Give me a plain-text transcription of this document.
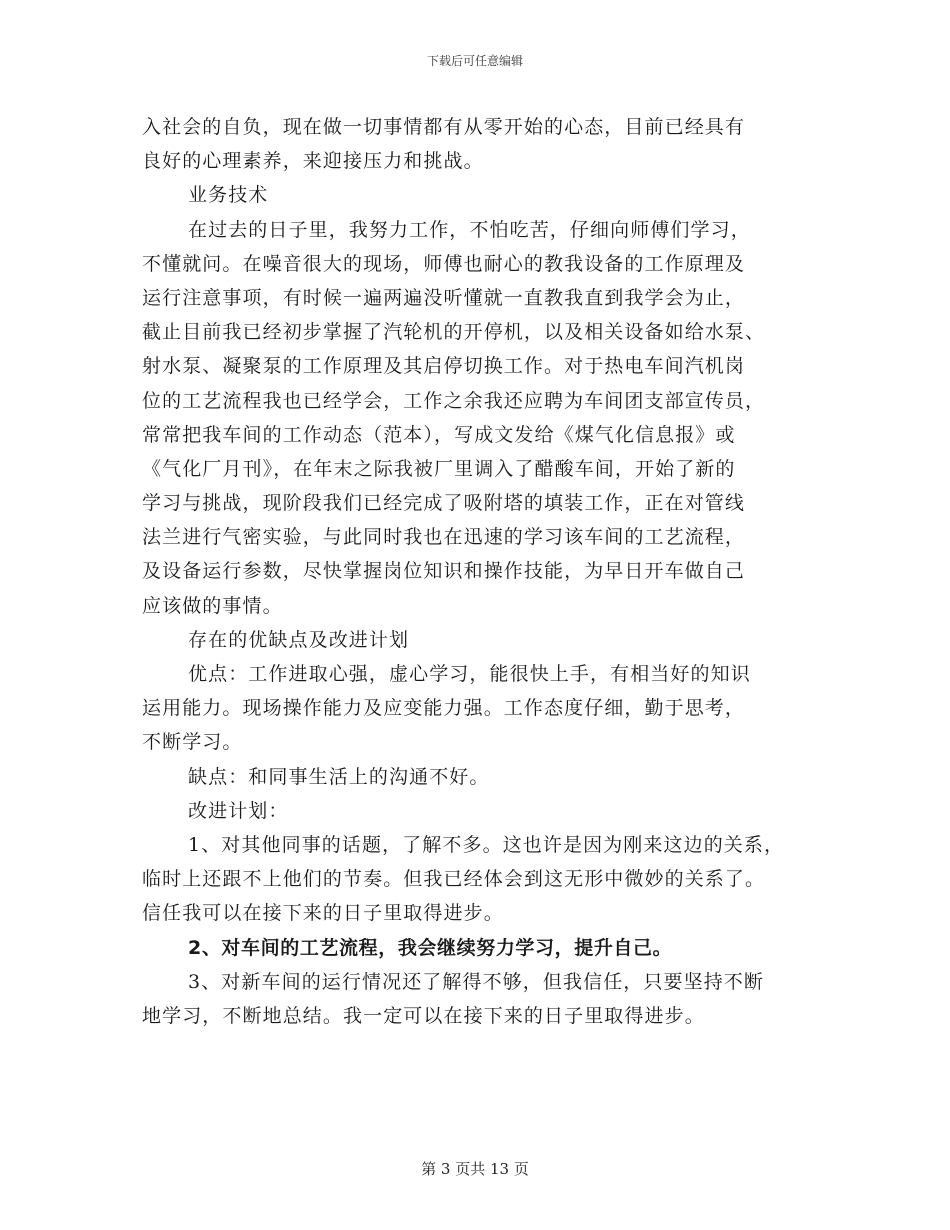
下载后可任意编辑
入社会的自负，现在做一切事情都有从零开始的心态，目前已经具有
良好的心理素养，来迎接压力和挑战。
业务技术
在过去的日子里，我努力工作，不怕吃苦，仔细向师傅们学习，
不懂就问。在噪音很大的现场，师傅也耐心的教我设备的工作原理及
运行注意事项，有时候一遍两遍没听懂就一直教我直到我学会为止，
截止目前我已经初步掌握了汽轮机的开停机，以及相关设备如给水泵、
射水泵、凝聚泵的工作原理及其启停切换工作。对于热电车间汽机岗
位的工艺流程我也已经学会，工作之余我还应聘为车间团支部宣传员，
常常把我车间的工作动态（范本），写成文发给《煤气化信息报》或
《气化厂月刊》，在年末之际我被厂里调入了醋酸车间，开始了新的
学习与挑战，现阶段我们已经完成了吸附塔的填装工作，正在对管线
法兰进行气密实验，与此同时我也在迅速的学习该车间的工艺流程，
及设备运行参数，尽快掌握岗位知识和操作技能，为早日开车做自己
应该做的事情。
存在的优缺点及改进计划
优点：工作进取心强，虚心学习，能很快上手，有相当好的知识
运用能力。现场操作能力及应变能力强。工作态度仔细，勤于思考，
不断学习。
缺点：和同事生活上的沟通不好。
改进计划：
1、对其他同事的话题，了解不多。这也许是因为刚来这边的关系，
临时上还跟不上他们的节奏。但我已经体会到这无形中微妙的关系了。
信任我可以在接下来的日子里取得进步。
2、对车间的工艺流程，我会继续努力学习，提升自己。
3、对新车间的运行情况还了解得不够，但我信任，只要坚持不断
地学习，不断地总结。我一定可以在接下来的日子里取得进步。
第 3 页共 13 页
